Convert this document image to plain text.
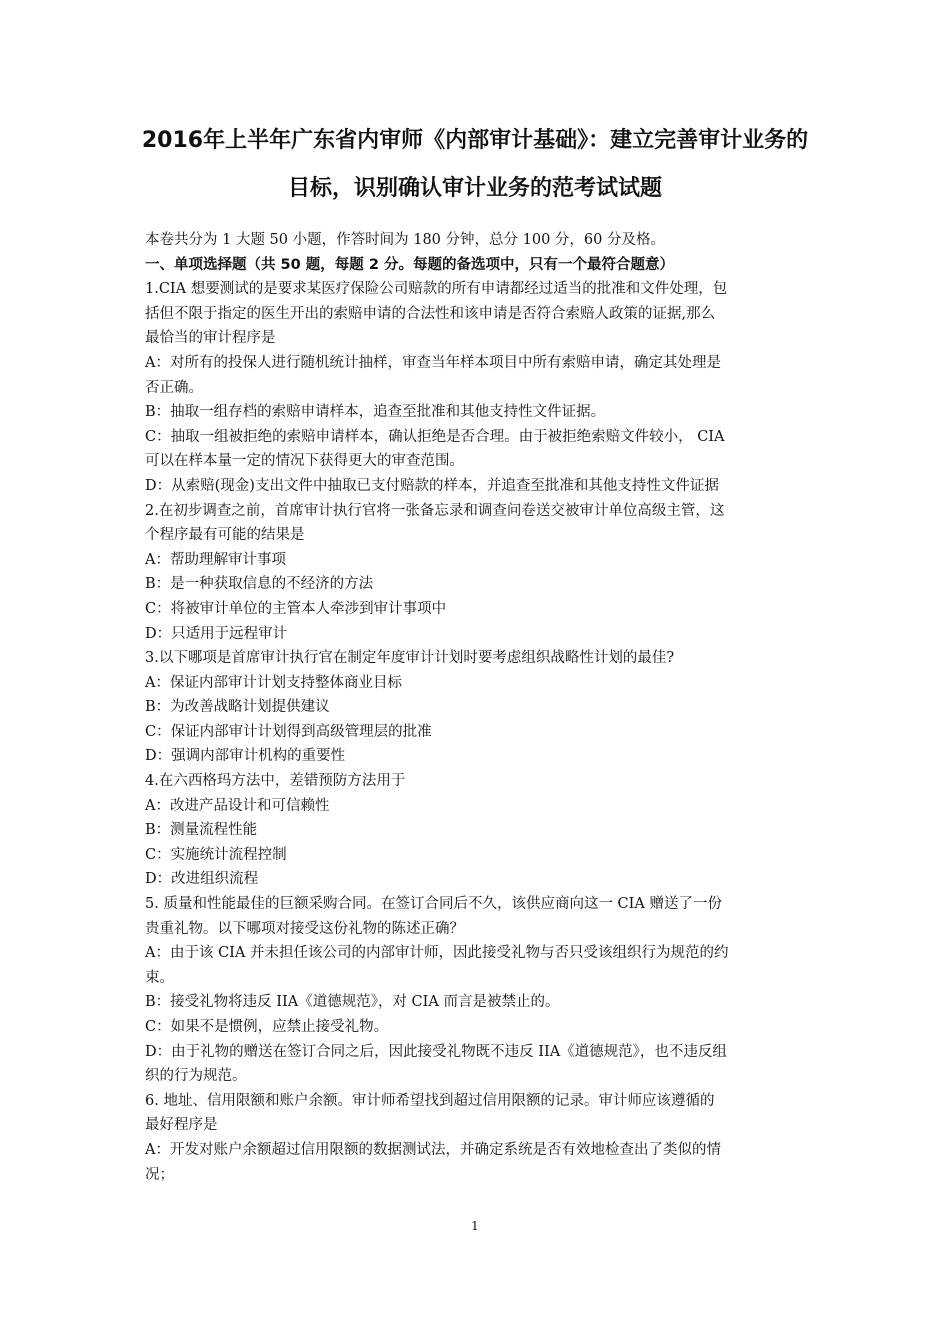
2016年上半年广东省内审师《内部审计基础》：建立完善审计业务的
目标，识别确认审计业务的范考试试题
本卷共分为 1 大题 50 小题，作答时间为 180 分钟，总分 100 分，60 分及格。
一、单项选择题（共 50 题，每题 2 分。每题的备选项中，只有一个最符合题意）
1.CIA 想要测试的是要求某医疗保险公司赔款的所有申请都经过适当的批准和文件处理，包
括但不限于指定的医生开出的索赔申请的合法性和该申请是否符合索赔人政策的证据,那么
最恰当的审计程序是
A：对所有的投保人进行随机统计抽样，审查当年样本项目中所有索赔申请，确定其处理是
否正确。
B：抽取一组存档的索赔申请样本，追查至批准和其他支持性文件证据。
C：抽取一组被拒绝的索赔申请样本，确认拒绝是否合理。由于被拒绝索赔文件较小， CIA
可以在样本量一定的情况下获得更大的审查范围。
D：从索赔(现金)支出文件中抽取已支付赔款的样本，并追查至批准和其他支持性文件证据
2.在初步调查之前，首席审计执行官将一张备忘录和调查问卷送交被审计单位高级主管，这
个程序最有可能的结果是
A：帮助理解审计事项
B：是一种获取信息的不经济的方法
C：将被审计单位的主管本人牵涉到审计事项中
D：只适用于远程审计
3.以下哪项是首席审计执行官在制定年度审计计划时要考虑组织战略性计划的最佳?
A：保证内部审计计划支持整体商业目标
B：为改善战略计划提供建议
C：保证内部审计计划得到高级管理层的批准
D：强调内部审计机构的重要性
4.在六西格玛方法中，差错预防方法用于
A：改进产品设计和可信赖性
B：测量流程性能
C：实施统计流程控制
D：改进组织流程
5. 质量和性能最佳的巨额采购合同。在签订合同后不久，该供应商向这一 CIA 赠送了一份
贵重礼物。以下哪项对接受这份礼物的陈述正确？
A：由于该 CIA 并未担任该公司的内部审计师，因此接受礼物与否只受该组织行为规范的约
束。
B：接受礼物将违反 IIA《道德规范》，对 CIA 而言是被禁止的。
C：如果不是惯例，应禁止接受礼物。
D：由于礼物的赠送在签订合同之后，因此接受礼物既不违反 IIA《道德规范》，也不违反组
织的行为规范。
6. 地址、信用限额和账户余额。审计师希望找到超过信用限额的记录。审计师应该遵循的
最好程序是
A：开发对账户余额超过信用限额的数据测试法，并确定系统是否有效地检查出了类似的情
况；
1
